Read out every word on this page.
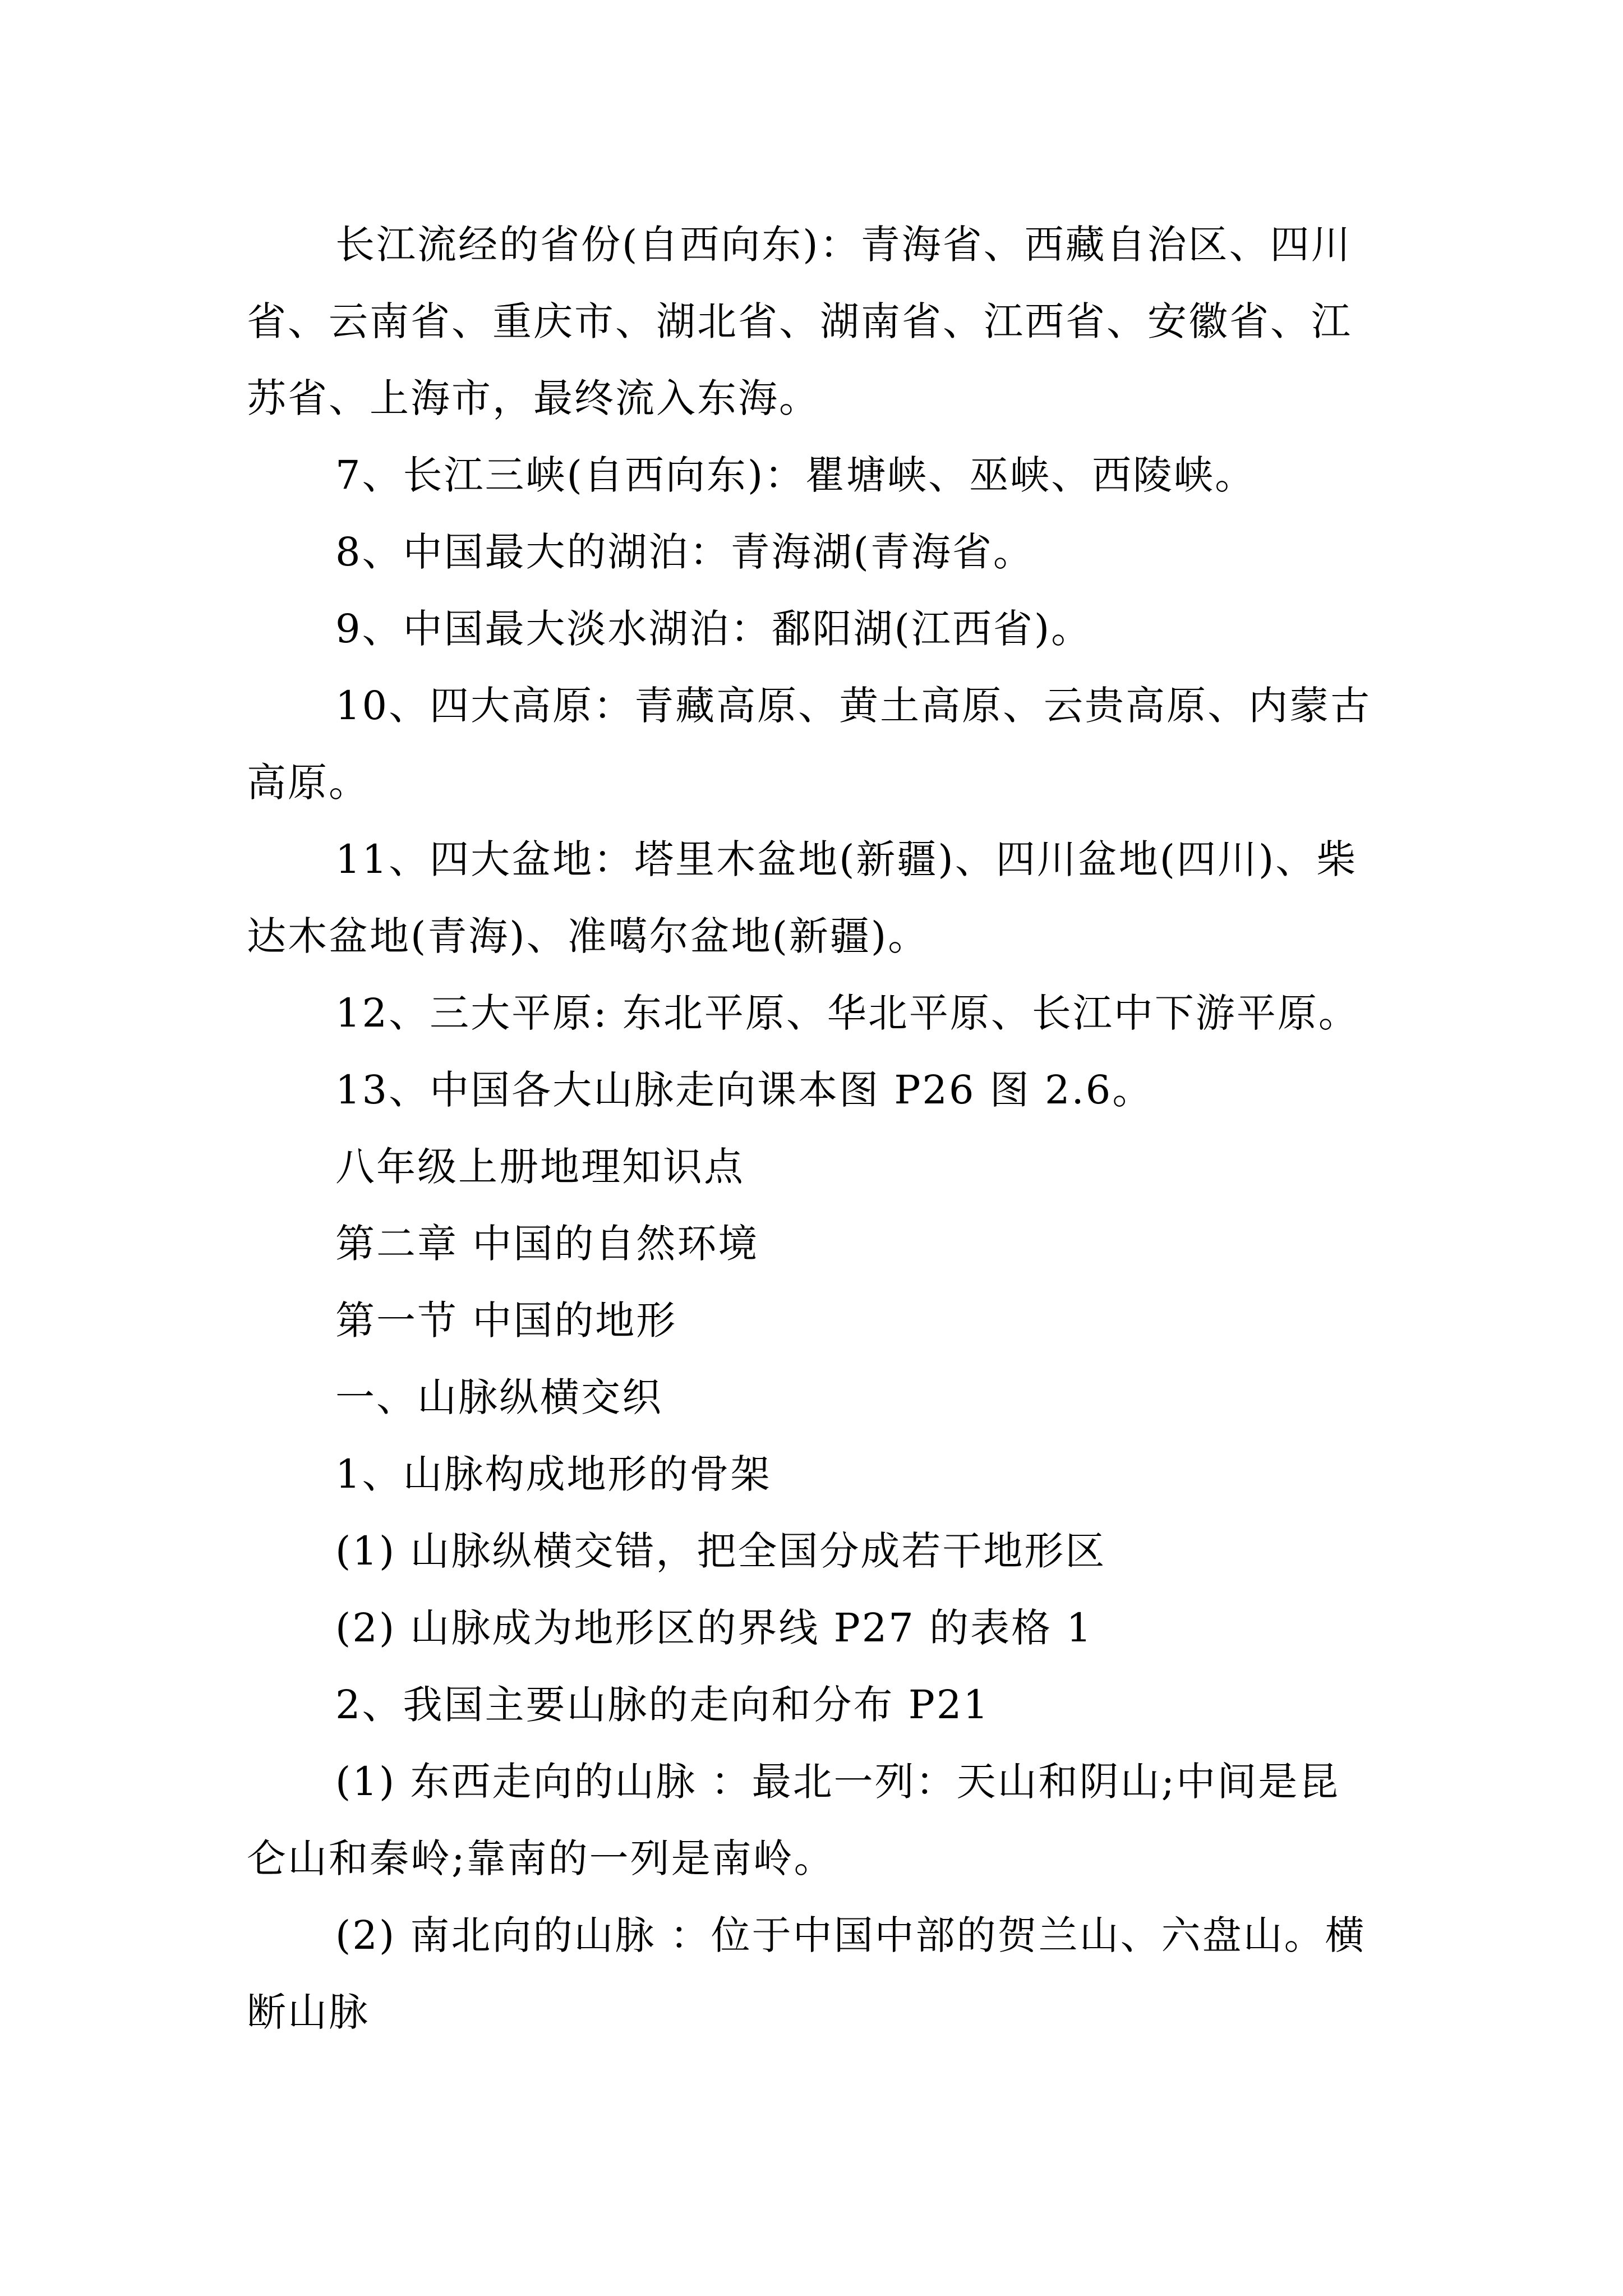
长江流经的省份(自西向东)：青海省、西藏自治区、四川省、云南省、重庆市、湖北省、湖南省、江西省、安徽省、江苏省、上海市，最终流入东海。

7、长江三峡(自西向东)：瞿塘峡、巫峡、西陵峡。

8、中国最大的湖泊：青海湖(青海省。

9、中国最大淡水湖泊：鄱阳湖(江西省)。

10、四大高原：青藏高原、黄土高原、云贵高原、内蒙古高原。

11、四大盆地：塔里木盆地(新疆)、四川盆地(四川)、柴达木盆地(青海)、准噶尔盆地(新疆)。

12、三大平原: 东北平原、华北平原、长江中下游平原。

13、中国各大山脉走向课本图 P26 图 2.6。

八年级上册地理知识点

第二章 中国的自然环境

第一节 中国的地形

一、山脉纵横交织

1、山脉构成地形的骨架

(1) 山脉纵横交错，把全国分成若干地形区

(2) 山脉成为地形区的界线 P27 的表格 1

2、我国主要山脉的走向和分布 P21

(1) 东西走向的山脉 ：最北一列：天山和阴山;中间是昆仑山和秦岭;靠南的一列是南岭。

(2) 南北向的山脉 ：位于中国中部的贺兰山、六盘山。横断山脉
